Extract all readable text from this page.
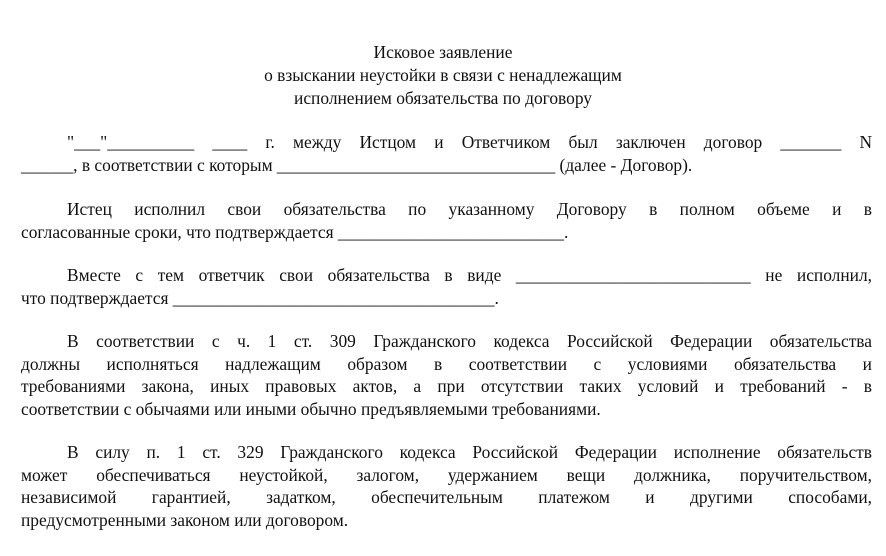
Исковое заявление
о взыскании неустойки в связи с ненадлежащим
исполнением обязательства по договору
"___"__________ ____ г. между Истцом и Ответчиком был заключен договор _______ N
______, в соответствии с которым ________________________________ (далее - Договор).
Истец исполнил свои обязательства по указанному Договору в полном объеме и в
согласованные сроки, что подтверждается __________________________.
Вместе с тем ответчик свои обязательства в виде ___________________________ не исполнил,
что подтверждается _____________________________________.
В соответствии с ч. 1 ст. 309 Гражданского кодекса Российской Федерации обязательства
должны исполняться надлежащим образом в соответствии с условиями обязательства и
требованиями закона, иных правовых актов, а при отсутствии таких условий и требований - в
соответствии с обычаями или иными обычно предъявляемыми требованиями.
В силу п. 1 ст. 329 Гражданского кодекса Российской Федерации исполнение обязательств
может обеспечиваться неустойкой, залогом, удержанием вещи должника, поручительством,
независимой гарантией, задатком, обеспечительным платежом и другими способами,
предусмотренными законом или договором.
